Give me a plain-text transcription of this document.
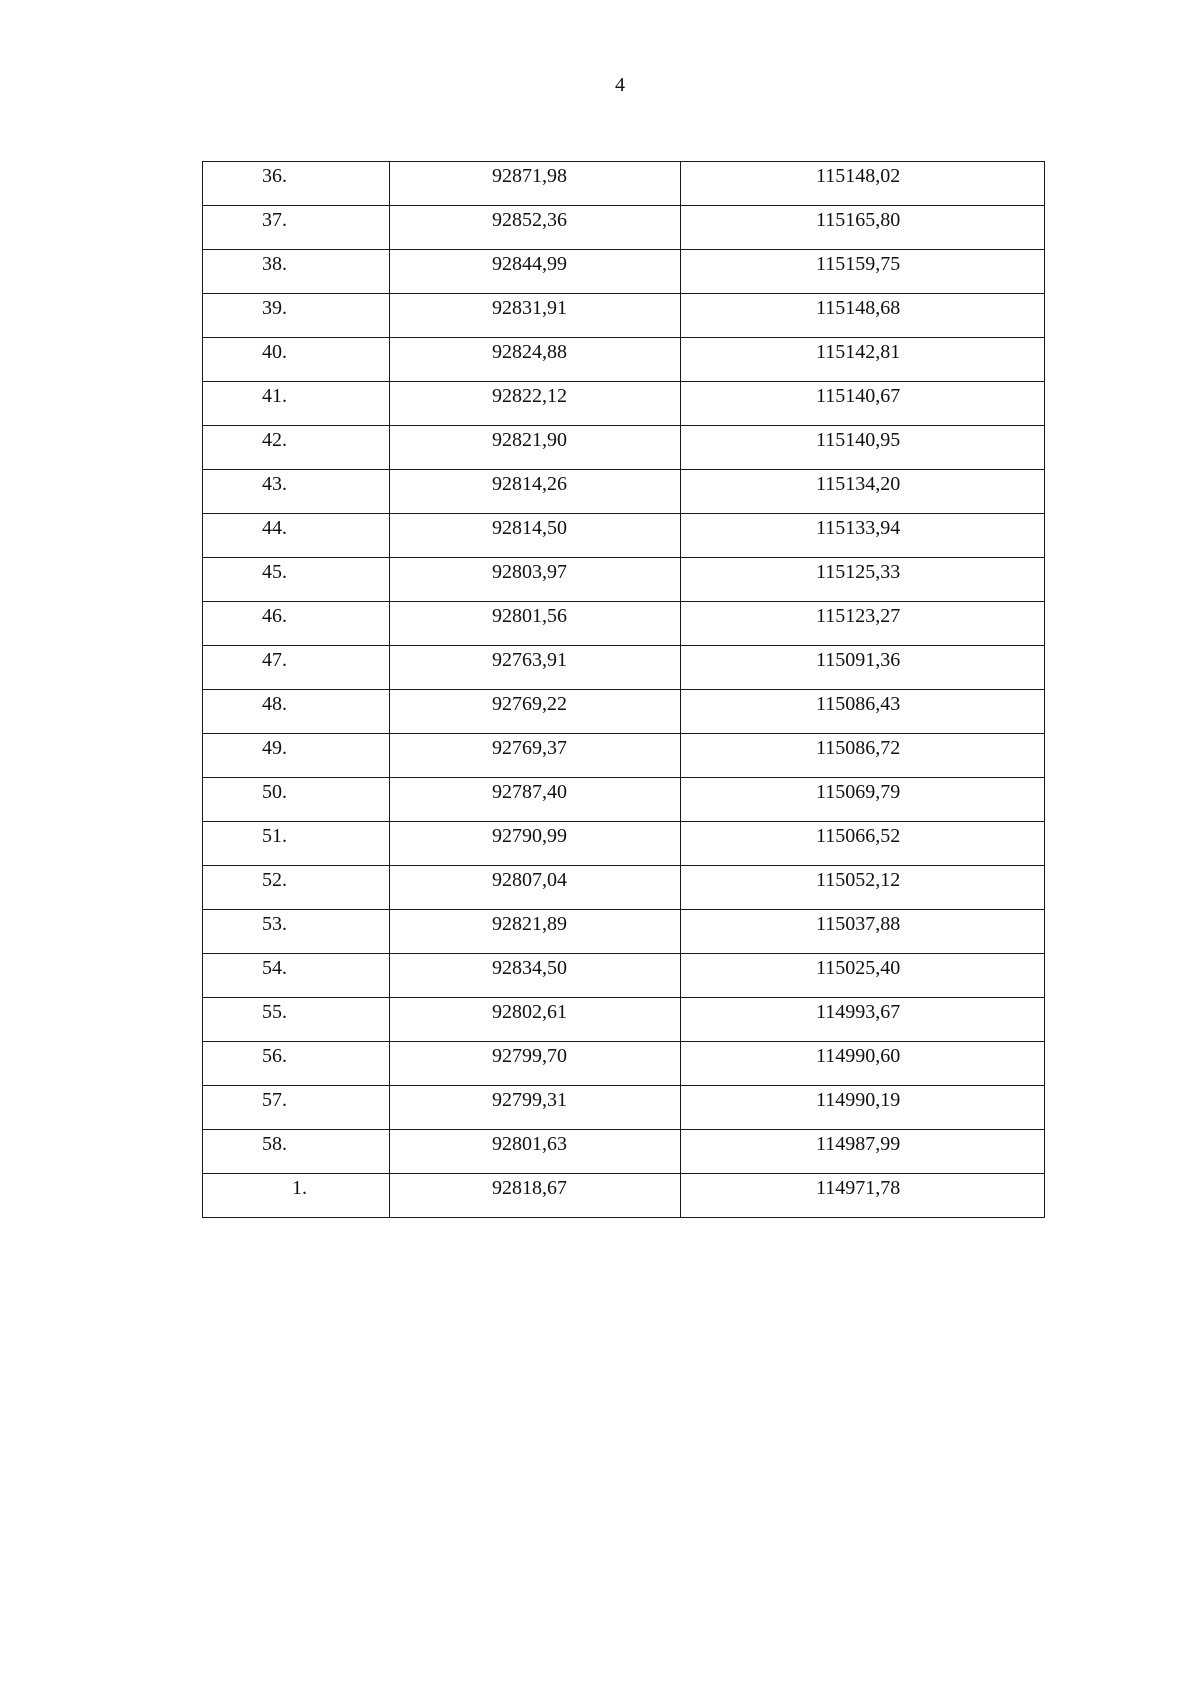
4
36.	92871,98	115148,02

37.	92852,36	115165,80

38.	92844,99	115159,75

39.	92831,91	115148,68

40.	92824,88	115142,81

41.	92822,12	115140,67

42.	92821,90	115140,95

43.	92814,26	115134,20

44.	92814,50	115133,94

45.	92803,97	115125,33

46.	92801,56	115123,27

47.	92763,91	115091,36

48.	92769,22	115086,43

49.	92769,37	115086,72

50.	92787,40	115069,79

51.	92790,99	115066,52

52.	92807,04	115052,12

53.	92821,89	115037,88

54.	92834,50	115025,40

55.	92802,61	114993,67

56.	92799,70	114990,60

57.	92799,31	114990,19

58.	92801,63	114987,99

1.	92818,67	114971,78
